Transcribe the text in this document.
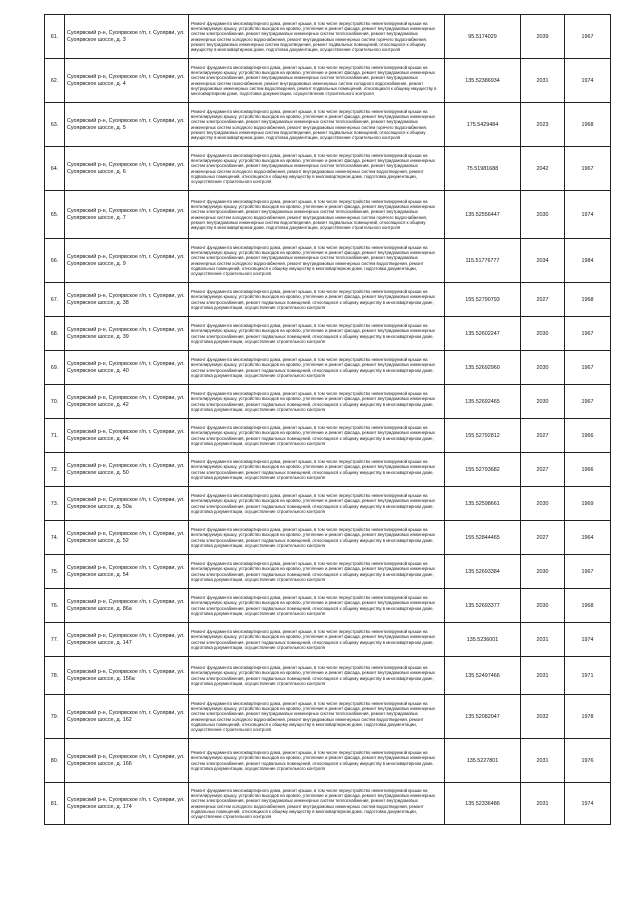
61.	Суоярвский р-н, Суоярвское г/п, г. Суоярви, ул. Суоярвское шоссе, д. 3	Ремонт фундамента многоквартирного дома, ремонт крыши, в том числе переустройство невентилируемой крыши на вентилируемую крышу, устройство выходов на кровлю, утепление и ремонт фасада, ремонт внутридомовых инженерных систем электроснабжения, ремонт внутридомовых инженерных систем теплоснабжения, ремонт внутридомовых инженерных систем холодного водоснабжения, ремонт внутридомовых инженерных систем горячего водоснабжения, ремонт внутридомовых инженерных систем водоотведения, ремонт подвальных помещений, относящихся к общему имуществу в многоквартирном доме, подготовка документации, осуществление строительного контроля	95.5174029	2039	1967
62.	Суоярвский р-н, Суоярвское г/п, г. Суоярви, ул. Суоярвское шоссе, д. 4	Ремонт фундамента многоквартирного дома, ремонт крыши, в том числе переустройство невентилируемой крыши на вентилируемую крышу, устройство выходов на кровлю, утепление и ремонт фасада, ремонт внутридомовых инженерных систем электроснабжения, ремонт внутридомовых инженерных систем теплоснабжения, ремонт внутридомовых инженерных систем газоснабжения, ремонт внутридомовых инженерных систем холодного водоснабжения, ремонт внутридомовых инженерных систем водоотведения, ремонт подвальных помещений, относящихся к общему имуществу в многоквартирном доме, подготовка документации, осуществление строительного контроля	135.52386934	2031	1974
63.	Суоярвский р-н, Суоярвское г/п, г. Суоярви, ул. Суоярвское шоссе, д. 5	Ремонт фундамента многоквартирного дома, ремонт крыши, в том числе переустройство невентилируемой крыши на вентилируемую крышу, устройство выходов на кровлю, утепление и ремонт фасада, ремонт внутридомовых инженерных систем электроснабжения, ремонт внутридомовых инженерных систем теплоснабжения, ремонт внутридомовых инженерных систем холодного водоснабжения, ремонт внутридомовых инженерных систем горячего водоснабжения, ремонт внутридомовых инженерных систем водоотведения, ремонт подвальных помещений, относящихся к общему имуществу в многоквартирном доме, подготовка документации, осуществление строительного контроля	175.5429484	2023	1968
64.	Суоярвский р-н, Суоярвское г/п, г. Суоярви, ул. Суоярвское шоссе, д. 6	Ремонт фундамента многоквартирного дома, ремонт крыши, в том числе переустройство невентилируемой крыши на вентилируемую крышу, устройство выходов на кровлю, утепление и ремонт фасада, ремонт внутридомовых инженерных систем электроснабжения, ремонт внутридомовых инженерных систем теплоснабжения, ремонт внутридомовых инженерных систем холодного водоснабжения, ремонт внутридомовых инженерных систем водоотведения, ремонт подвальных помещений, относящихся к общему имуществу в многоквартирном доме, подготовка документации, осуществление строительного контроля	75.51981688	2042	1967
65.	Суоярвский р-н, Суоярвское г/п, г. Суоярви, ул. Суоярвское шоссе, д. 7	Ремонт фундамента многоквартирного дома, ремонт крыши, в том числе переустройство невентилируемой крыши на вентилируемую крышу, устройство выходов на кровлю, утепление и ремонт фасада, ремонт внутридомовых инженерных систем электроснабжения, ремонт внутридомовых инженерных систем теплоснабжения, ремонт внутридомовых инженерных систем холодного водоснабжения, ремонт внутридомовых инженерных систем горячего водоснабжения, ремонт внутридомовых инженерных систем водоотведения, ремонт подвальных помещений, относящихся к общему имуществу в многоквартирном доме, подготовка документации, осуществление строительного контроля	135.52556447	2030	1974
66.	Суоярвский р-н, Суоярвское г/п, г. Суоярви, ул. Суоярвское шоссе, д. 9	Ремонт фундамента многоквартирного дома, ремонт крыши, в том числе переустройство невентилируемой крыши на вентилируемую крышу, устройство выходов на кровлю, утепление и ремонт фасада, ремонт внутридомовых инженерных систем электроснабжения, ремонт внутридомовых инженерных систем теплоснабжения, ремонт внутридомовых инженерных систем холодного водоснабжения, ремонт внутридомовых инженерных систем водоотведения, ремонт подвальных помещений, относящихся к общему имуществу в многоквартирном доме, подготовка документации, осуществление строительного контроля	115.51776777	2034	1984
67.	Суоярвский р-н, Суоярвское г/п, г. Суоярви, ул. Суоярвское шоссе, д. 38	Ремонт фундамента многоквартирного дома, ремонт крыши, в том числе переустройство невентилируемой крыши на вентилируемую крышу, устройство выходов на кровлю, утепление и ремонт фасада, ремонт внутридомовых инженерных систем электроснабжения, ремонт подвальных помещений, относящихся к общему имуществу в многоквартирном доме, подготовка документации, осуществление строительного контроля	155.52790793	2027	1968
68.	Суоярвский р-н, Суоярвское г/п, г. Суоярви, ул. Суоярвское шоссе, д. 39	Ремонт фундамента многоквартирного дома, ремонт крыши, в том числе переустройство невентилируемой крыши на вентилируемую крышу, устройство выходов на кровлю, утепление и ремонт фасада, ремонт внутридомовых инженерных систем электроснабжения, ремонт подвальных помещений, относящихся к общему имуществу в многоквартирном доме, подготовка документации, осуществление строительного контроля	135.52602247	2030	1967
69.	Суоярвский р-н, Суоярвское г/п, г. Суоярви, ул. Суоярвское шоссе, д. 40	Ремонт фундамента многоквартирного дома, ремонт крыши, в том числе переустройство невентилируемой крыши на вентилируемую крышу, устройство выходов на кровлю, утепление и ремонт фасада, ремонт внутридомовых инженерных систем электроснабжения, ремонт подвальных помещений, относящихся к общему имуществу в многоквартирном доме, подготовка документации, осуществление строительного контроля	135.52692960	2030	1967
70.	Суоярвский р-н, Суоярвское г/п, г. Суоярви, ул. Суоярвское шоссе, д. 42	Ремонт фундамента многоквартирного дома, ремонт крыши, в том числе переустройство невентилируемой крыши на вентилируемую крышу, устройство выходов на кровлю, утепление и ремонт фасада, ремонт внутридомовых инженерных систем электроснабжения, ремонт подвальных помещений, относящихся к общему имуществу в многоквартирном доме, подготовка документации, осуществление строительного контроля	135.52692465	2030	1967
71.	Суоярвский р-н, Суоярвское г/п, г. Суоярви, ул. Суоярвское шоссе, д. 44	Ремонт фундамента многоквартирного дома, ремонт крыши, в том числе переустройство невентилируемой крыши на вентилируемую крышу, устройство выходов на кровлю, утепление и ремонт фасада, ремонт внутридомовых инженерных систем электроснабжения, ремонт подвальных помещений, относящихся к общему имуществу в многоквартирном доме, подготовка документации, осуществление строительного контроля	155.52792812	2027	1966
72.	Суоярвский р-н, Суоярвское г/п, г. Суоярви, ул. Суоярвское шоссе, д. 50	Ремонт фундамента многоквартирного дома, ремонт крыши, в том числе переустройство невентилируемой крыши на вентилируемую крышу, устройство выходов на кровлю, утепление и ремонт фасада, ремонт внутридомовых инженерных систем электроснабжения, ремонт подвальных помещений, относящихся к общему имуществу в многоквартирном доме, подготовка документации, осуществление строительного контроля	155.52793682	2027	1966
73.	Суоярвский р-н, Суоярвское г/п, г. Суоярви, ул. Суоярвское шоссе, д. 50а	Ремонт фундамента многоквартирного дома, ремонт крыши, в том числе переустройство невентилируемой крыши на вентилируемую крышу, устройство выходов на кровлю, утепление и ремонт фасада, ремонт внутридомовых инженерных систем электроснабжения, ремонт подвальных помещений, относящихся к общему имуществу в многоквартирном доме, подготовка документации, осуществление строительного контроля	135.52598661	2030	1969
74.	Суоярвский р-н, Суоярвское г/п, г. Суоярви, ул. Суоярвское шоссе, д. 52	Ремонт фундамента многоквартирного дома, ремонт крыши, в том числе переустройство невентилируемой крыши на вентилируемую крышу, устройство выходов на кровлю, утепление и ремонт фасада, ремонт внутридомовых инженерных систем электроснабжения, ремонт подвальных помещений, относящихся к общему имуществу в многоквартирном доме, подготовка документации, осуществление строительного контроля	155.52844465	2027	1964
75.	Суоярвский р-н, Суоярвское г/п, г. Суоярви, ул. Суоярвское шоссе, д. 54	Ремонт фундамента многоквартирного дома, ремонт крыши, в том числе переустройство невентилируемой крыши на вентилируемую крышу, устройство выходов на кровлю, утепление и ремонт фасада, ремонт внутридомовых инженерных систем электроснабжения, ремонт подвальных помещений, относящихся к общему имуществу в многоквартирном доме, подготовка документации, осуществление строительного контроля	135.52693384	2030	1967
76.	Суоярвский р-н, Суоярвское г/п, г. Суоярви, ул. Суоярвское шоссе, д. 86а	Ремонт фундамента многоквартирного дома, ремонт крыши, в том числе переустройство невентилируемой крыши на вентилируемую крышу, устройство выходов на кровлю, утепление и ремонт фасада, ремонт внутридомовых инженерных систем электроснабжения, ремонт подвальных помещений, относящихся к общему имуществу в многоквартирном доме, подготовка документации, осуществление строительного контроля	135.52693377	2030	1968
77.	Суоярвский р-н, Суоярвское г/п, г. Суоярви, ул. Суоярвское шоссе, д. 147	Ремонт фундамента многоквартирного дома, ремонт крыши, в том числе переустройство невентилируемой крыши на вентилируемую крышу, устройство выходов на кровлю, утепление и ремонт фасада, ремонт внутридомовых инженерных систем электроснабжения, ремонт подвальных помещений, относящихся к общему имуществу в многоквартирном доме, подготовка документации, осуществление строительного контроля	135.5236001	2031	1974
78.	Суоярвский р-н, Суоярвское г/п, г. Суоярви, ул. Суоярвское шоссе, д. 156а	Ремонт фундамента многоквартирного дома, ремонт крыши, в том числе переустройство невентилируемой крыши на вентилируемую крышу, устройство выходов на кровлю, утепление и ремонт фасада, ремонт внутридомовых инженерных систем электроснабжения, ремонт подвальных помещений, относящихся к общему имуществу в многоквартирном доме, подготовка документации, осуществление строительного контроля	135.52497466	2031	1971
79.	Суоярвский р-н, Суоярвское г/п, г. Суоярви, ул. Суоярвское шоссе, д. 162	Ремонт фундамента многоквартирного дома, ремонт крыши, в том числе переустройство невентилируемой крыши на вентилируемую крышу, устройство выходов на кровлю, утепление и ремонт фасада, ремонт внутридомовых инженерных систем электроснабжения, ремонт внутридомовых инженерных систем теплоснабжения, ремонт внутридомовых инженерных систем холодного водоснабжения, ремонт внутридомовых инженерных систем водоотведения, ремонт подвальных помещений, относящихся к общему имуществу в многоквартирном доме, подготовка документации, осуществление строительного контроля	135.52082047	2032	1978
80.	Суоярвский р-н, Суоярвское г/п, г. Суоярви, ул. Суоярвское шоссе, д. 166	Ремонт фундамента многоквартирного дома, ремонт крыши, в том числе переустройство невентилируемой крыши на вентилируемую крышу, устройство выходов на кровлю, утепление и ремонт фасада, ремонт внутридомовых инженерных систем электроснабжения, ремонт подвальных помещений, относящихся к общему имуществу в многоквартирном доме, подготовка документации, осуществление строительного контроля	135.5227801	2031	1976
81.	Суоярвский р-н, Суоярвское г/п, г. Суоярви, ул. Суоярвское шоссе, д. 174	Ремонт фундамента многоквартирного дома, ремонт крыши, в том числе переустройство невентилируемой крыши на вентилируемую крышу, устройство выходов на кровлю, утепление и ремонт фасада, ремонт внутридомовых инженерных систем электроснабжения, ремонт внутридомовых инженерных систем теплоснабжения, ремонт внутридомовых инженерных систем холодного водоснабжения, ремонт внутридомовых инженерных систем водоотведения, ремонт подвальных помещений, относящихся к общему имуществу в многоквартирном доме, подготовка документации, осуществление строительного контроля	135.52336486	2031	1974
